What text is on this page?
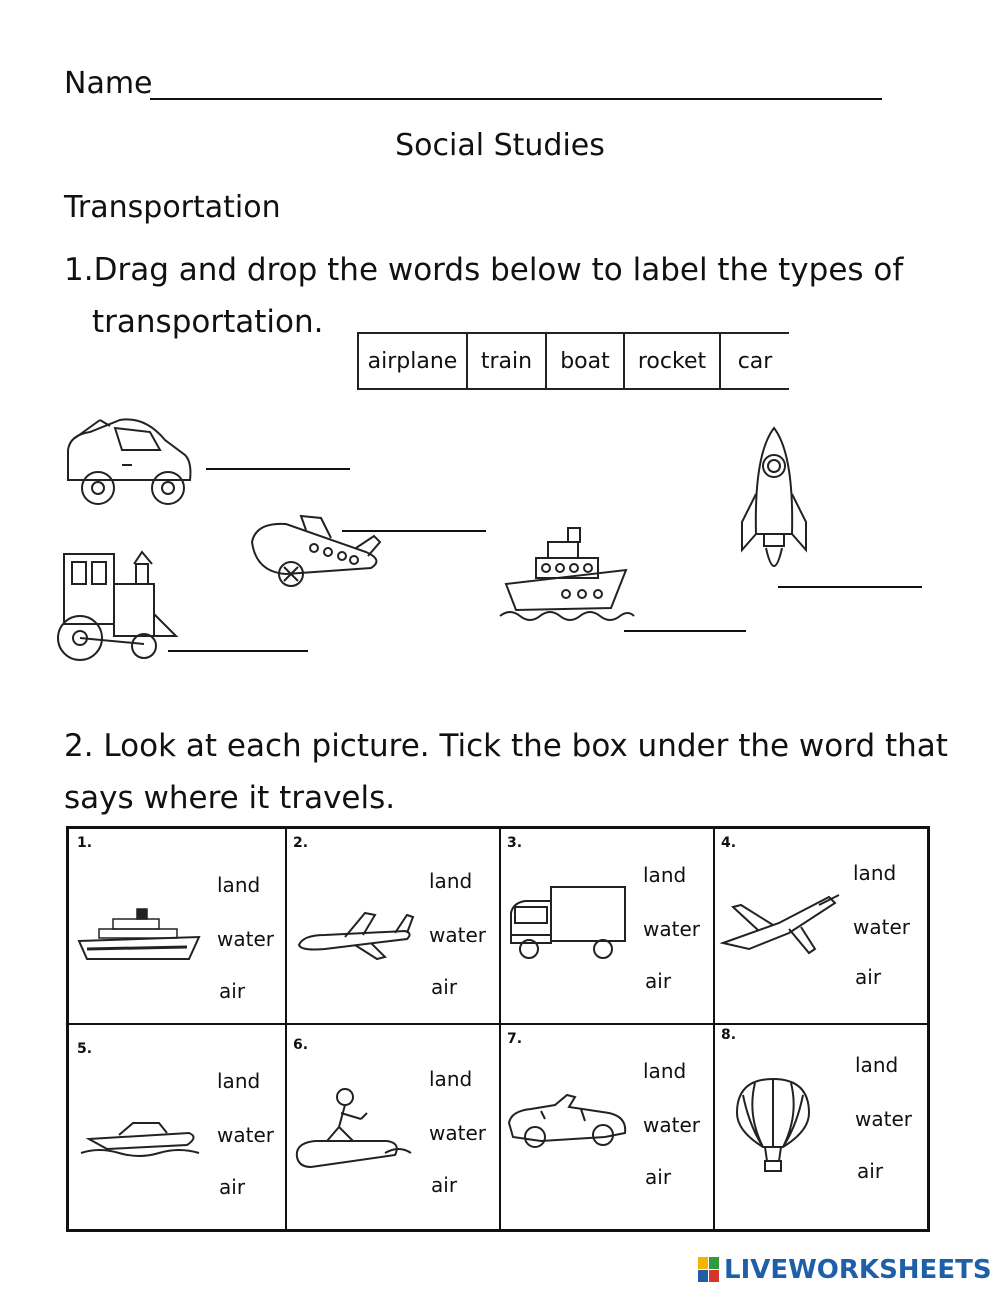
Name
Social Studies
Transportation
1.Drag and drop the words below to label the types of
transportation.
airplane	train	boat	rocket	car
2. Look at each picture. Tick the box under the word that
says where it travels.
1.
land
water
air
2.
land
water
air
3.
land
water
air
4.
land
water
air
5.
land
water
air
6.
land
water
air
7.
land
water
air
8.
land
water
air
LIVEWORKSHEETS
